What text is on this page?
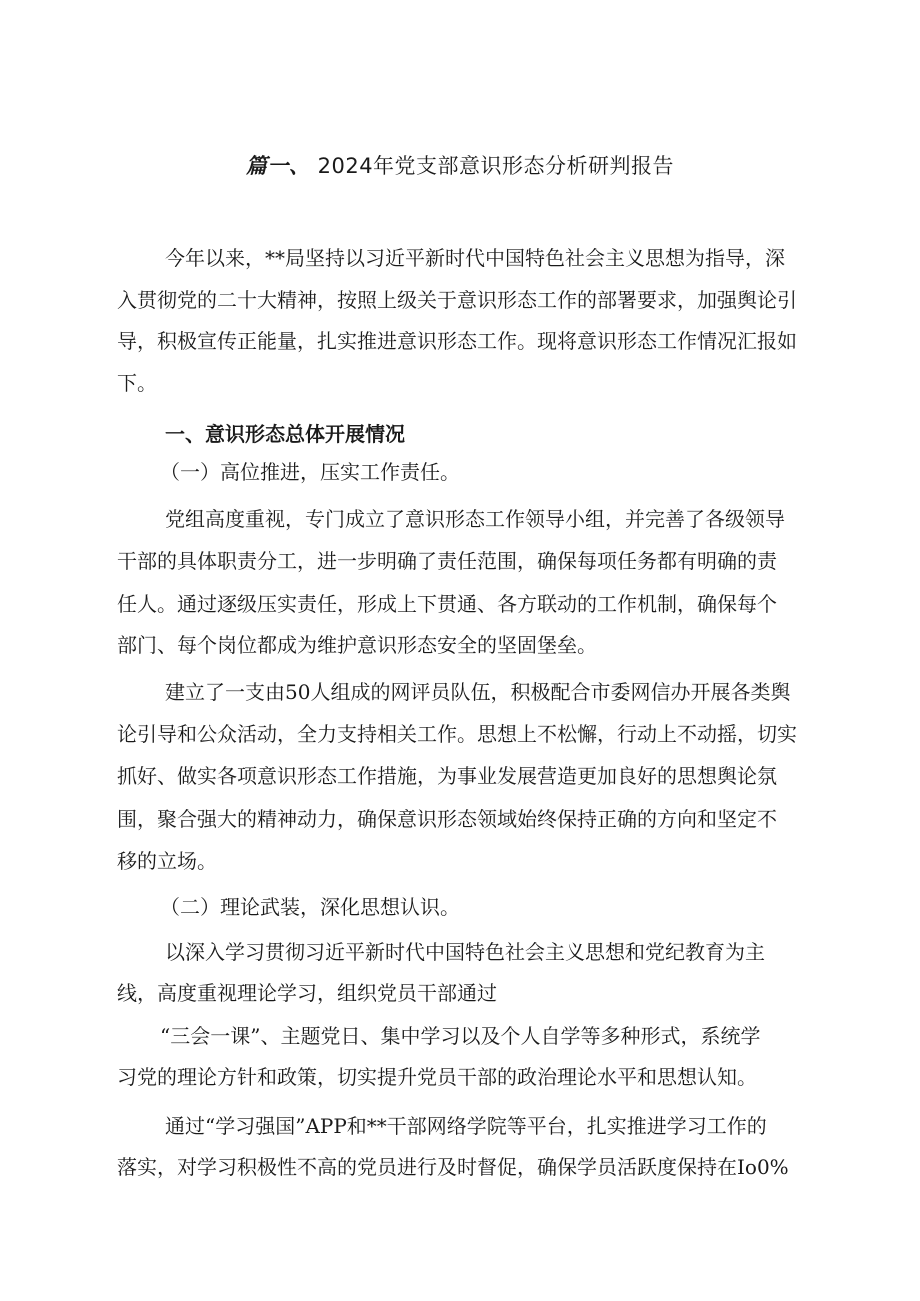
篇一、 2024年党支部意识形态分析研判报告
今年以来，**局坚持以习近平新时代中国特色社会主义思想为指导，深
入贯彻党的二十大精神，按照上级关于意识形态工作的部署要求，加强舆论引
导，积极宣传正能量，扎实推进意识形态工作。现将意识形态工作情况汇报如
下。
一、意识形态总体开展情况
（一）高位推进，压实工作责任。
党组高度重视，专门成立了意识形态工作领导小组，并完善了各级领导
干部的具体职责分工，进一步明确了责任范围，确保每项任务都有明确的责
任人。通过逐级压实责任，形成上下贯通、各方联动的工作机制，确保每个
部门、每个岗位都成为维护意识形态安全的坚固堡垒。
建立了一支由50人组成的网评员队伍，积极配合市委网信办开展各类舆
论引导和公众活动，全力支持相关工作。思想上不松懈，行动上不动摇，切实
抓好、做实各项意识形态工作措施，为事业发展营造更加良好的思想舆论氛
围，聚合强大的精神动力，确保意识形态领域始终保持正确的方向和坚定不
移的立场。
（二）理论武装，深化思想认识。
以深入学习贯彻习近平新时代中国特色社会主义思想和党纪教育为主
线，高度重视理论学习，组织党员干部通过
“三会一课”、主题党日、集中学习以及个人自学等多种形式，系统学
习党的理论方针和政策，切实提升党员干部的政治理论水平和思想认知。
通过“学习强国”APP和**干部网络学院等平台，扎实推进学习工作的
落实，对学习积极性不高的党员进行及时督促，确保学员活跃度保持在Io0%
